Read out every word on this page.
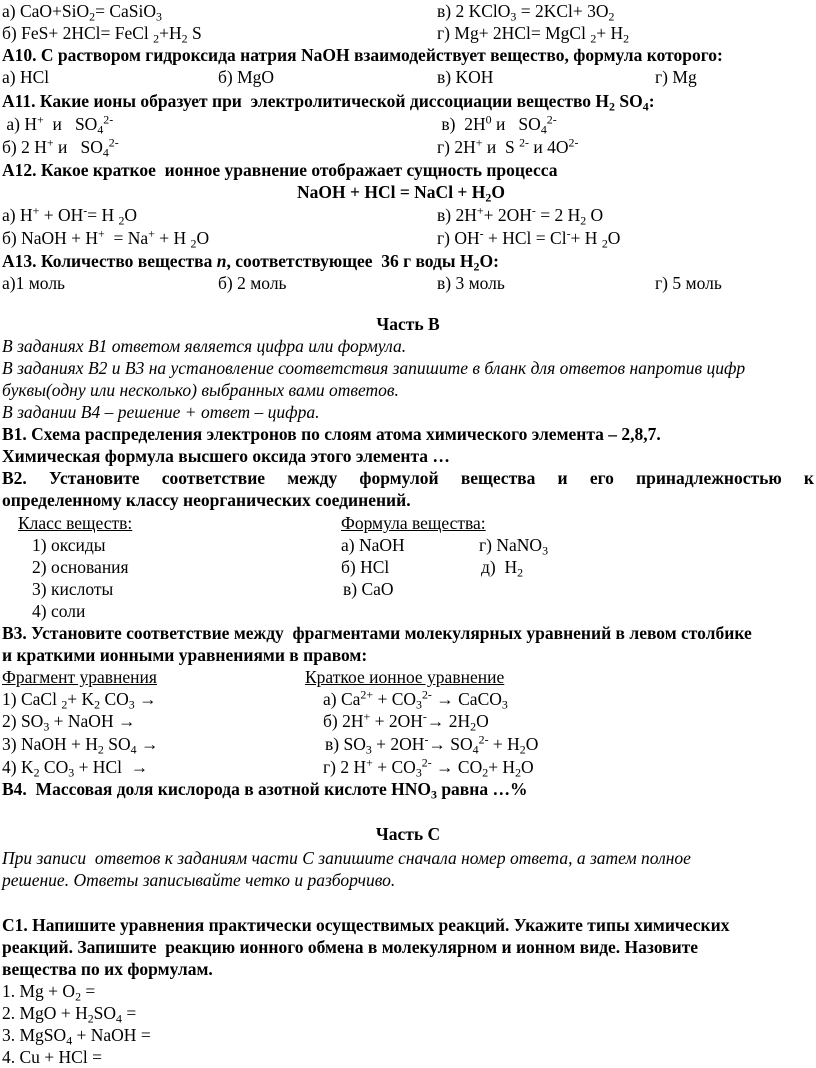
а) CaO+SiO$_2$= CaSiO$_3$	в) 2 KClO$_3$ = $2KCl+ 3O_2$
б) FeS+ 2HCl= FeCl $_2+H_2$ S	г) Mg+ 2HCl= MgCl $_2+ H_2$
А10. С раствором гидроксида натрия NaOH взаимодействует вещество, формула которого:
а) HCl	б) MgO	в) KOH	г) Mg
А11. Какие ионы образует при  электролитической диссоциации вещество $H_2$ $SO_4$:
а) H+  и   $SO_4^{2-}$	в)  $2H^0$ и   $SO_4^{2-}$
б) 2 H+ и   $SO_4^{2-}$	г) 2H+ и  S $^{2-}$ и $4O^{2-}$
А12. Какое краткое  ионное уравнение отображает сущность процесса
NaOH + HCl = NaCl + $H_2O$
а) H+ + OH-= H $_2$O	в) 2H++ 2OH- = 2 $H_2$ O
б) NaOH + H+  = Na+ + H $_2$O	г) OH- + HCl = Cl-+ H $_2$O
А13. Количество вещества n, соответствующее  36 г воды $H_2O$:
а)1 моль	б) 2 моль	в) 3 моль	г) 5 моль
Часть В
В заданиях В1 ответом является цифра или формула.
В заданиях В2 и В3 на установление соответствия запишите в бланк для ответов напротив цифр
буквы(одну или несколько) выбранных вами ответов.
В задании В4 – решение + ответ – цифра.
В1. Схема распределения электронов по слоям атома химического элемента – 2,8,7.
Химическая формула высшего оксида этого элемента …
В2. Установите соответствие между формулой вещества и его принадлежностью к
определенному классу неорганических соединений.
Класс веществ:	Формула вещества:
1) оксиды	а) NaOH	г) NaNO$_3$
2) основания	б) HCl	д)  $H_2$
3) кислоты	в) CaO
4) соли
В3. Установите соответствие между  фрагментами молекулярных уравнений в левом столбике
и краткими ионными уравнениями в правом:
Фрагмент уравнения	Краткое ионное уравнение
1) CaCl $_2+ K_2$ $CO_3$ →	а) $Ca^{2+} + CO_3^{2-}$ → CaCO$_3$
2) $SO_3$ + NaOH →	б) $2H^+ + 2OH^-\to 2H_2O$
3) NaOH + $H_2$ $SO_4$ →	в) $SO_3 + 2OH^-\to SO_4^{2-} + H_2O$
4) $K_2$ $CO_3$ + HCl  →	г) 2 $H^+ + CO_3^{2-} \to CO_2+ H_2O$
В4.  Массовая доля кислорода в азотной кислоте $HNO_3$ равна …%
Часть С
При записи  ответов к заданиям части С запишите сначала номер ответа, а затем полное
решение. Ответы записывайте четко и разборчиво.
С1. Напишите уравнения практически осуществимых реакций. Укажите типы химических
реакций. Запишите  реакцию ионного обмена в молекулярном и ионном виде. Назовите
вещества по их формулам.
1. $Mg + O_2$ =
2. MgO + $H_2SO_4$ =
3. MgSO$_4$ + NaOH =
4. Cu + HCl =
